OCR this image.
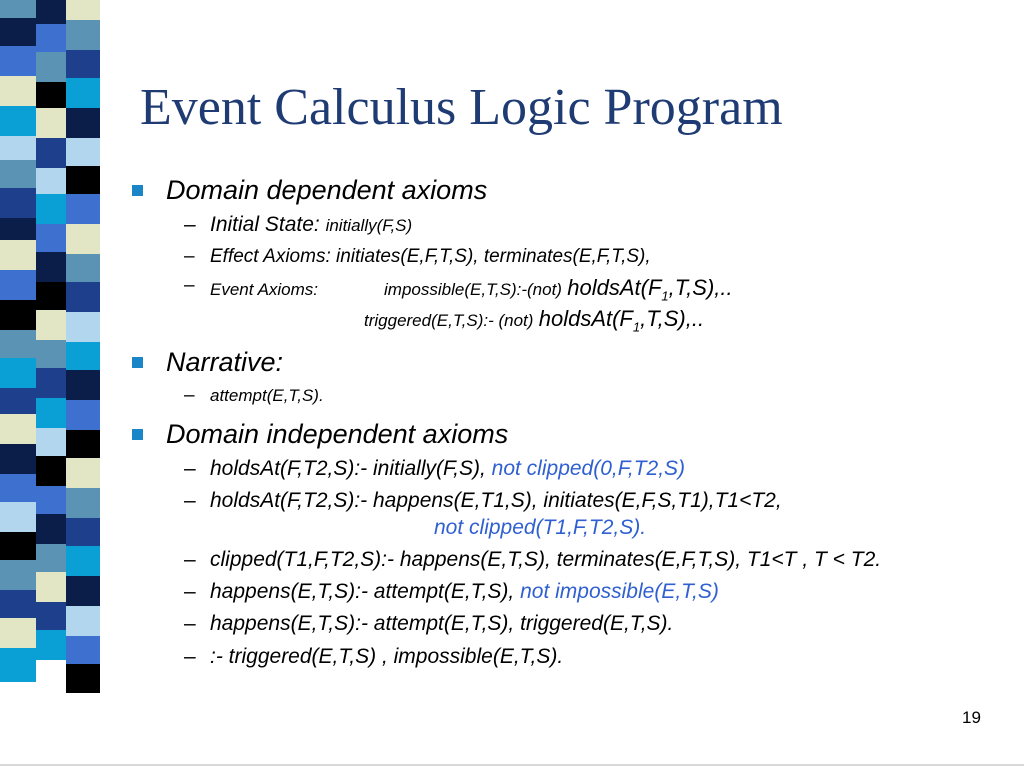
Event Calculus Logic Program
Domain dependent axioms
– Initial State: initially(F,S)
– Effect Axioms: initiates(E,F,T,S), terminates(E,F,T,S),
– Event Axioms:	impossible(E,T,S):-(not) $holdsAt(F_1,T,S)$,..
triggered(E,T,S):- (not) $holdsAt(F_1,T,S)$,..
Narrative:
– attempt(E,T,S).
Domain independent axioms
– holdsAt(F,T2,S):- initially(F,S), not clipped(0,F,T2,S)
– holdsAt(F,T2,S):- happens(E,T1,S), initiates(E,F,S,T1),T1<T2,
not clipped(T1,F,T2,S).
– clipped(T1,F,T2,S):- happens(E,T,S), terminates(E,F,T,S), T1<T , T < T2.
– happens(E,T,S):- attempt(E,T,S), not impossible(E,T,S)
– happens(E,T,S):- attempt(E,T,S), triggered(E,T,S).
– :- triggered(E,T,S) , impossible(E,T,S).
19
